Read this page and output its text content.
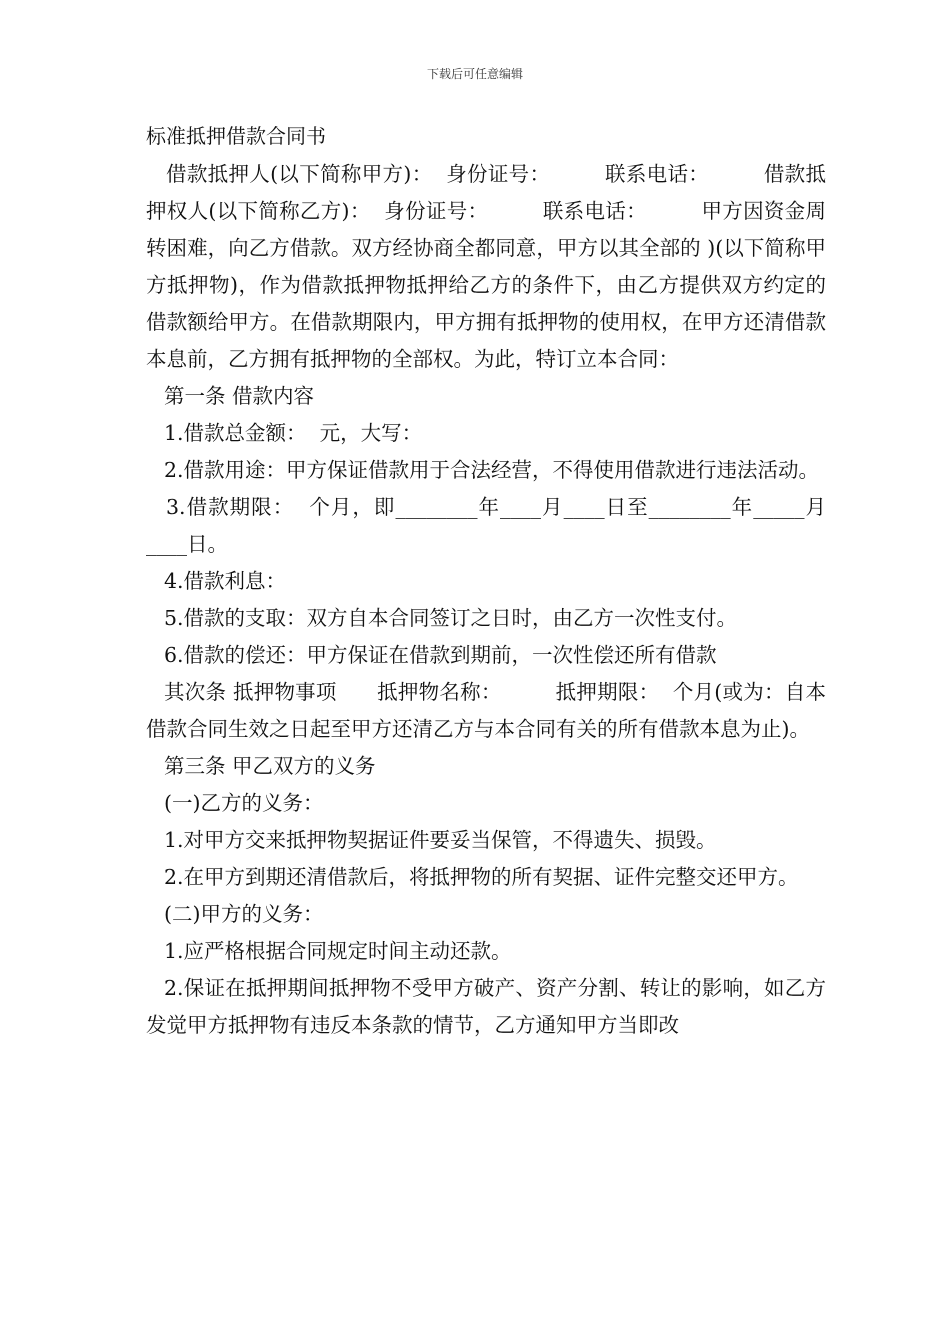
下载后可任意编辑
标准抵押借款合同书

借款抵押人(以下简称甲方)：  身份证号：        联系电话：        借款抵押权人(以下简称乙方)：  身份证号：        联系电话：        甲方因资金周转困难，向乙方借款。双方经协商全都同意，甲方以其全部的 )(以下简称甲方抵押物)，作为借款抵押物抵押给乙方的条件下，由乙方提供双方约定的借款额给甲方。在借款期限内，甲方拥有抵押物的使用权，在甲方还清借款本息前，乙方拥有抵押物的全部权。为此，特订立本合同：

第一条 借款内容

1.借款总金额：  元，大写：

2.借款用途：甲方保证借款用于合法经营，不得使用借款进行违法活动。

3.借款期限：  个月，即________年____月____日至________年_____月____日。

4.借款利息：

5.借款的支取：双方自本合同签订之日时，由乙方一次性支付。

6.借款的偿还：甲方保证在借款到期前，一次性偿还所有借款

其次条 抵押物事项      抵押物名称：        抵押期限：  个月(或为：自本借款合同生效之日起至甲方还清乙方与本合同有关的所有借款本息为止)。

第三条 甲乙双方的义务

(一)乙方的义务：

1.对甲方交来抵押物契据证件要妥当保管，不得遗失、损毁。

2.在甲方到期还清借款后，将抵押物的所有契据、证件完整交还甲方。

(二)甲方的义务：

1.应严格根据合同规定时间主动还款。

2.保证在抵押期间抵押物不受甲方破产、资产分割、转让的影响，如乙方发觉甲方抵押物有违反本条款的情节，乙方通知甲方当即改
